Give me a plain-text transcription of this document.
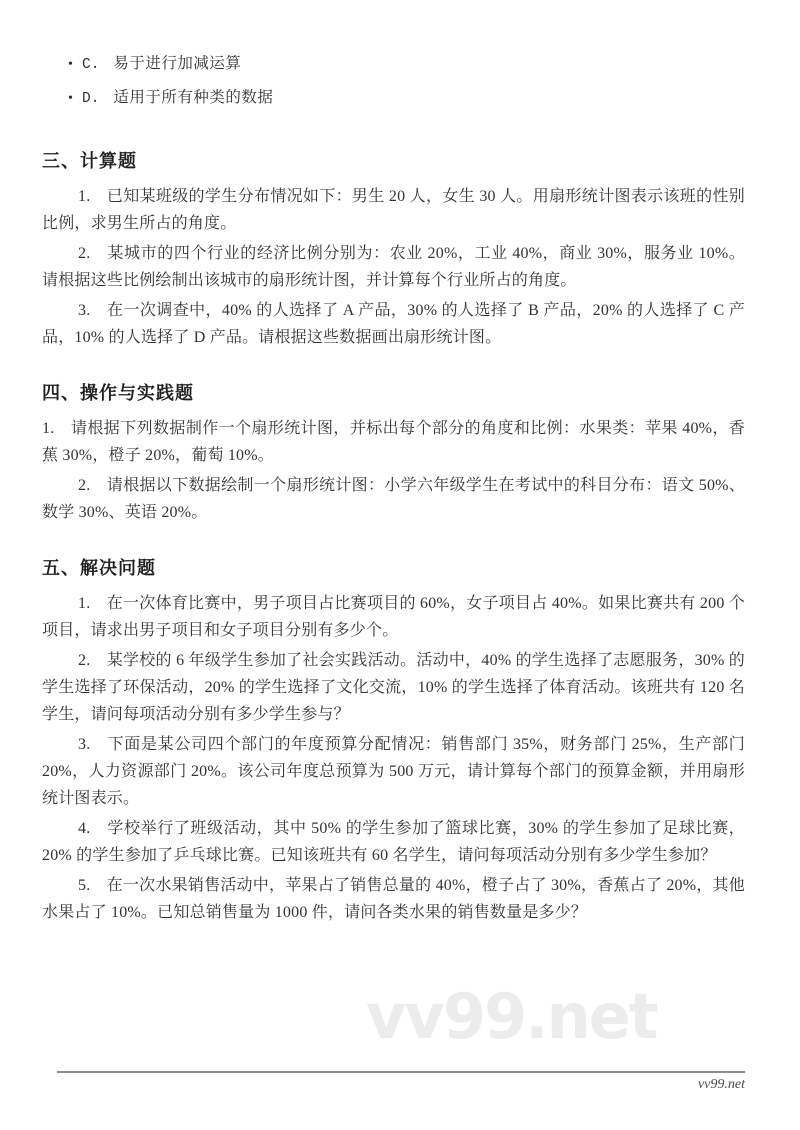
vv99.net
• C. 易于进行加减运算
• D. 适用于所有种类的数据
三、计算题

1.　已知某班级的学生分布情况如下：男生 20 人，女生 30 人。用扇形统计图表示该班的性别比例，求男生所占的角度。

2.　某城市的四个行业的经济比例分别为：农业 20%，工业 40%，商业 30%，服务业 10%。请根据这些比例绘制出该城市的扇形统计图，并计算每个行业所占的角度。

3.　在一次调查中，40% 的人选择了 A 产品，30% 的人选择了 B 产品，20% 的人选择了 C 产品，10% 的人选择了 D 产品。请根据这些数据画出扇形统计图。

四、操作与实践题

1.　请根据下列数据制作一个扇形统计图，并标出每个部分的角度和比例：水果类：苹果 40%，香蕉 30%，橙子 20%，葡萄 10%。

2.　请根据以下数据绘制一个扇形统计图：小学六年级学生在考试中的科目分布：语文 50%、数学 30%、英语 20%。

五、解决问题

1.　在一次体育比赛中，男子项目占比赛项目的 60%，女子项目占 40%。如果比赛共有 200 个项目，请求出男子项目和女子项目分别有多少个。

2.　某学校的 6 年级学生参加了社会实践活动。活动中，40% 的学生选择了志愿服务，30% 的学生选择了环保活动，20% 的学生选择了文化交流，10% 的学生选择了体育活动。该班共有 120 名学生，请问每项活动分别有多少学生参与？

3.　下面是某公司四个部门的年度预算分配情况：销售部门 35%，财务部门 25%，生产部门 20%，人力资源部门 20%。该公司年度总预算为 500 万元，请计算每个部门的预算金额，并用扇形统计图表示。

4.　学校举行了班级活动，其中 50% 的学生参加了篮球比赛，30% 的学生参加了足球比赛，20% 的学生参加了乒乓球比赛。已知该班共有 60 名学生，请问每项活动分别有多少学生参加？

5.　在一次水果销售活动中，苹果占了销售总量的 40%，橙子占了 30%，香蕉占了 20%，其他水果占了 10%。已知总销售量为 1000 件，请问各类水果的销售数量是多少？

vv99.net
